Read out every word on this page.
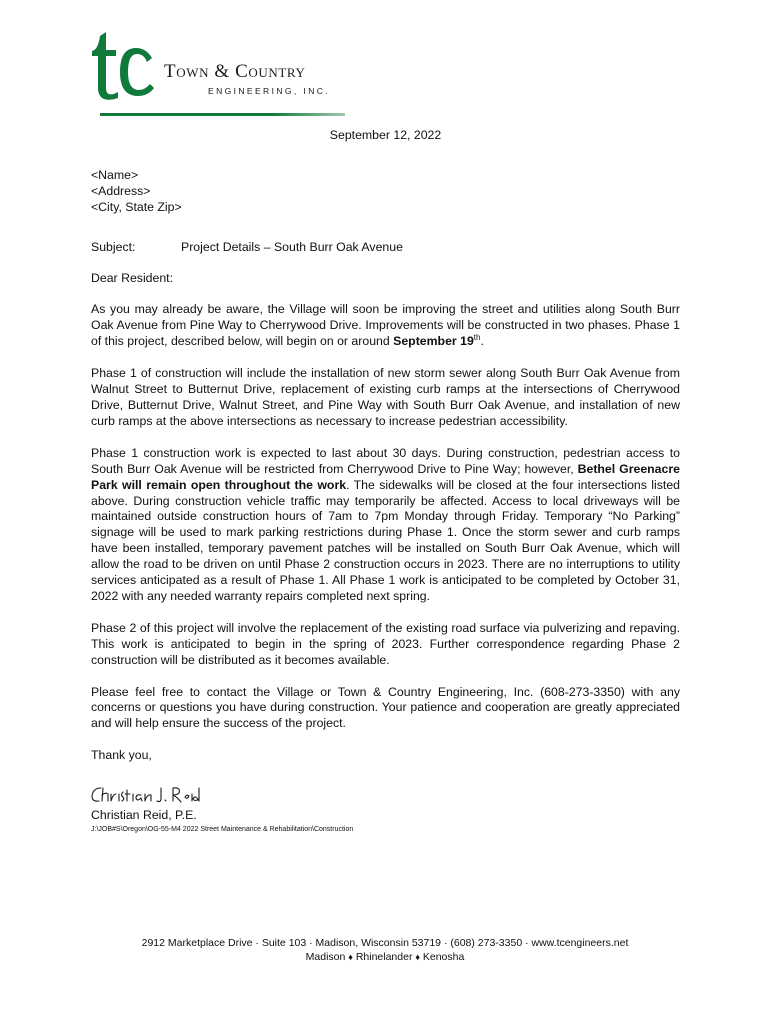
Town & Country
ENGINEERING, INC.

September 12, 2022

<Name>

<Address>

<City, State Zip>

Subject:	Project Details – South Burr Oak Avenue

Dear Resident:

As you may already be aware, the Village will soon be improving the street and utilities along South Burr Oak Avenue from Pine Way to Cherrywood Drive. Improvements will be constructed in two phases. Phase 1 of this project, described below, will begin on or around September 19th.

Phase 1 of construction will include the installation of new storm sewer along South Burr Oak Avenue from Walnut Street to Butternut Drive, replacement of existing curb ramps at the intersections of Cherrywood Drive, Butternut Drive, Walnut Street, and Pine Way with South Burr Oak Avenue, and installation of new curb ramps at the above intersections as necessary to increase pedestrian accessibility.

Phase 1 construction work is expected to last about 30 days. During construction, pedestrian access to South Burr Oak Avenue will be restricted from Cherrywood Drive to Pine Way; however, Bethel Greenacre Park will remain open throughout the work. The sidewalks will be closed at the four intersections listed above. During construction vehicle traffic may temporarily be affected. Access to local driveways will be maintained outside construction hours of 7am to 7pm Monday through Friday. Temporary “No Parking” signage will be used to mark parking restrictions during Phase 1. Once the storm sewer and curb ramps have been installed, temporary pavement patches will be installed on South Burr Oak Avenue, which will allow the road to be driven on until Phase 2 construction occurs in 2023. There are no interruptions to utility services anticipated as a result of Phase 1. All Phase 1 work is anticipated to be completed by October 31, 2022 with any needed warranty repairs completed next spring.

Phase 2 of this project will involve the replacement of the existing road surface via pulverizing and repaving. This work is anticipated to begin in the spring of 2023. Further correspondence regarding Phase 2 construction will be distributed as it becomes available.

Please feel free to contact the Village or Town & Country Engineering, Inc. (608-273-3350) with any concerns or questions you have during construction. Your patience and cooperation are greatly appreciated and will help ensure the success of the project.

Thank you,

Christian Reid, P.E.

J:\JOB#S\Oregon\OG-55-M4 2022 Street Maintenance & Rehabilitation\Construction

2912 Marketplace Drive · Suite 103 · Madison, Wisconsin 53719 · (608) 273-3350 · www.tcengineers.net
Madison ♦ Rhinelander ♦ Kenosha
